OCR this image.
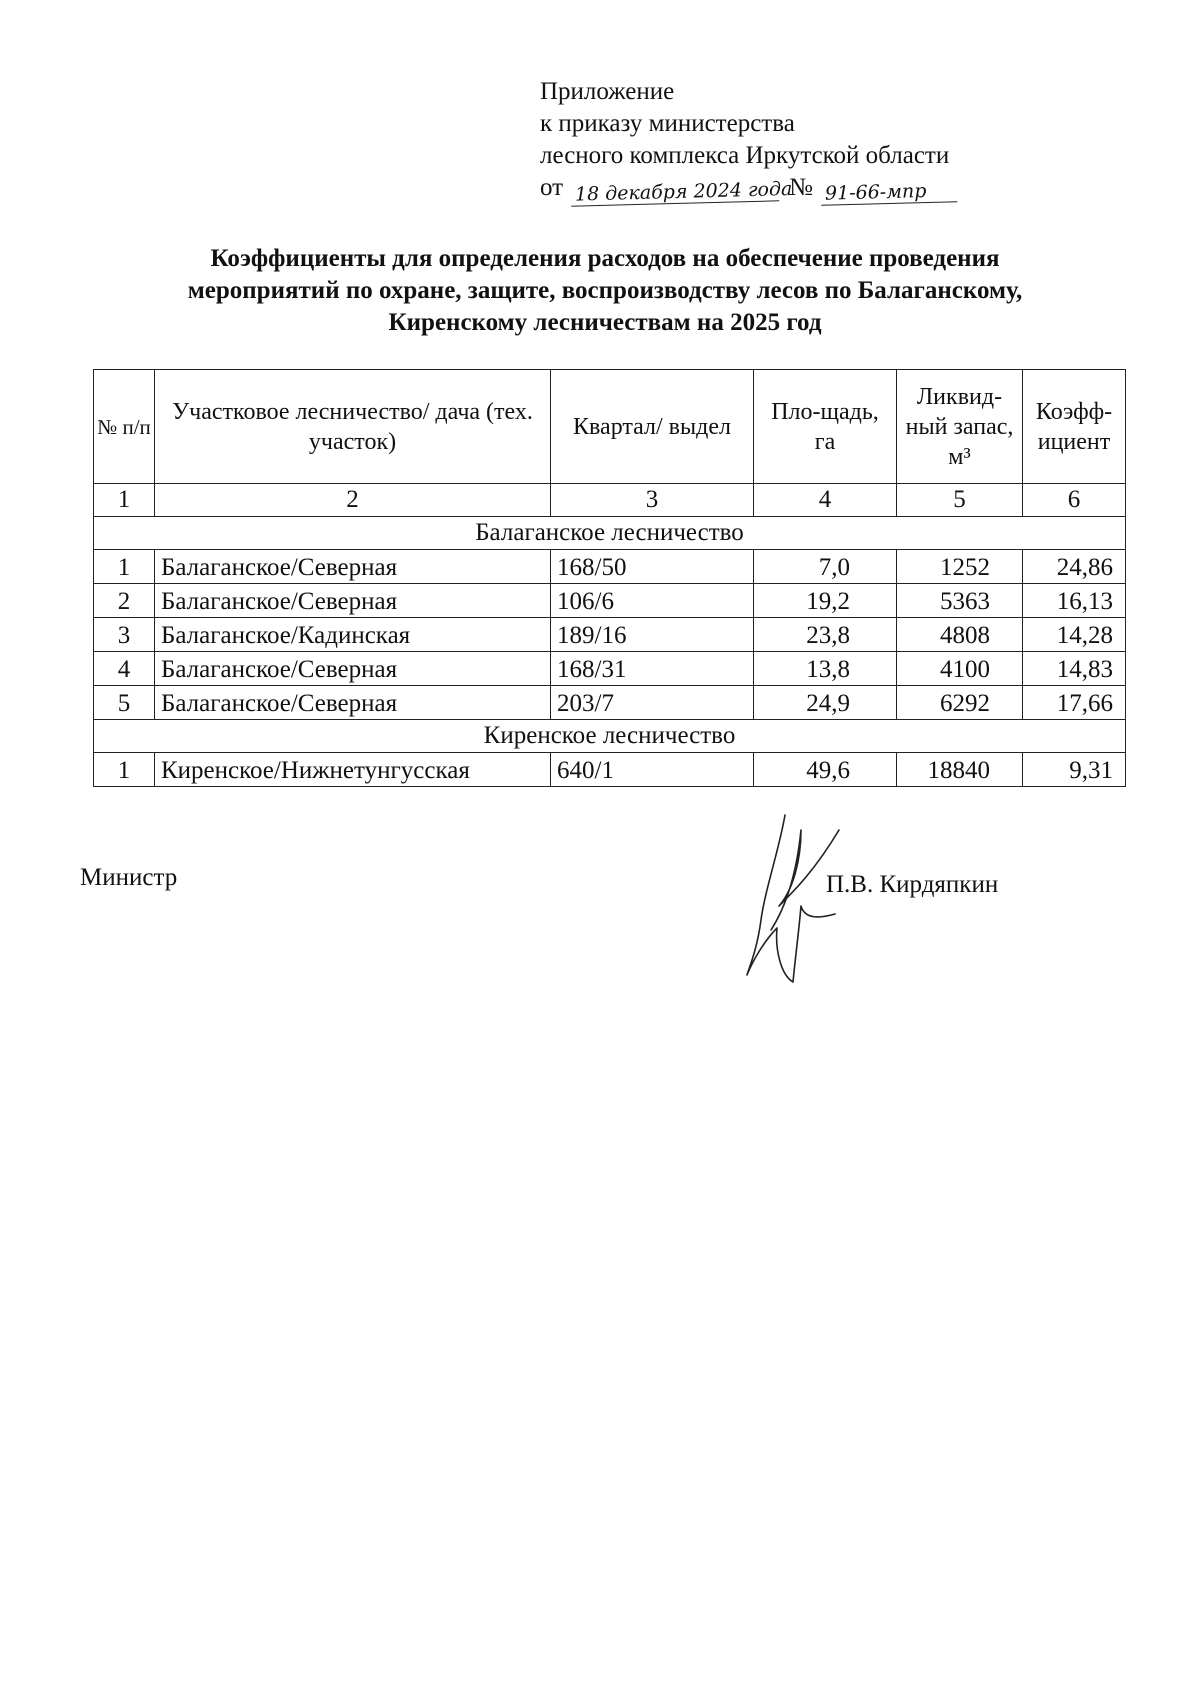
Приложение
к приказу министерства
лесного комплекса Иркутской области
от 18 декабря 2024 года
№ 91-66-мпр
Коэффициенты для определения расходов на обеспечение проведения
мероприятий по охране, защите, воспроизводству лесов по Балаганскому,
Киренскому лесничествам на 2025 год
№ п/п	Участковое лесничество/ дача (тех. участок)	Квартал/ выдел	Пло-щадь, га	Ликвид-ный запас, м³	Коэфф-ициент
1	2	3	4	5	6
Балаганское лесничество					
1	Балаганское/Северная	168/50	7,0	1252	24,86
2	Балаганское/Северная	106/6	19,2	5363	16,13
3	Балаганское/Кадинская	189/16	23,8	4808	14,28
4	Балаганское/Северная	168/31	13,8	4100	14,83
5	Балаганское/Северная	203/7	24,9	6292	17,66
Киренское лесничество					
1	Киренское/Нижнетунгусская	640/1	49,6	18840	9,31
Министр	П.В. Кирдяпкин
